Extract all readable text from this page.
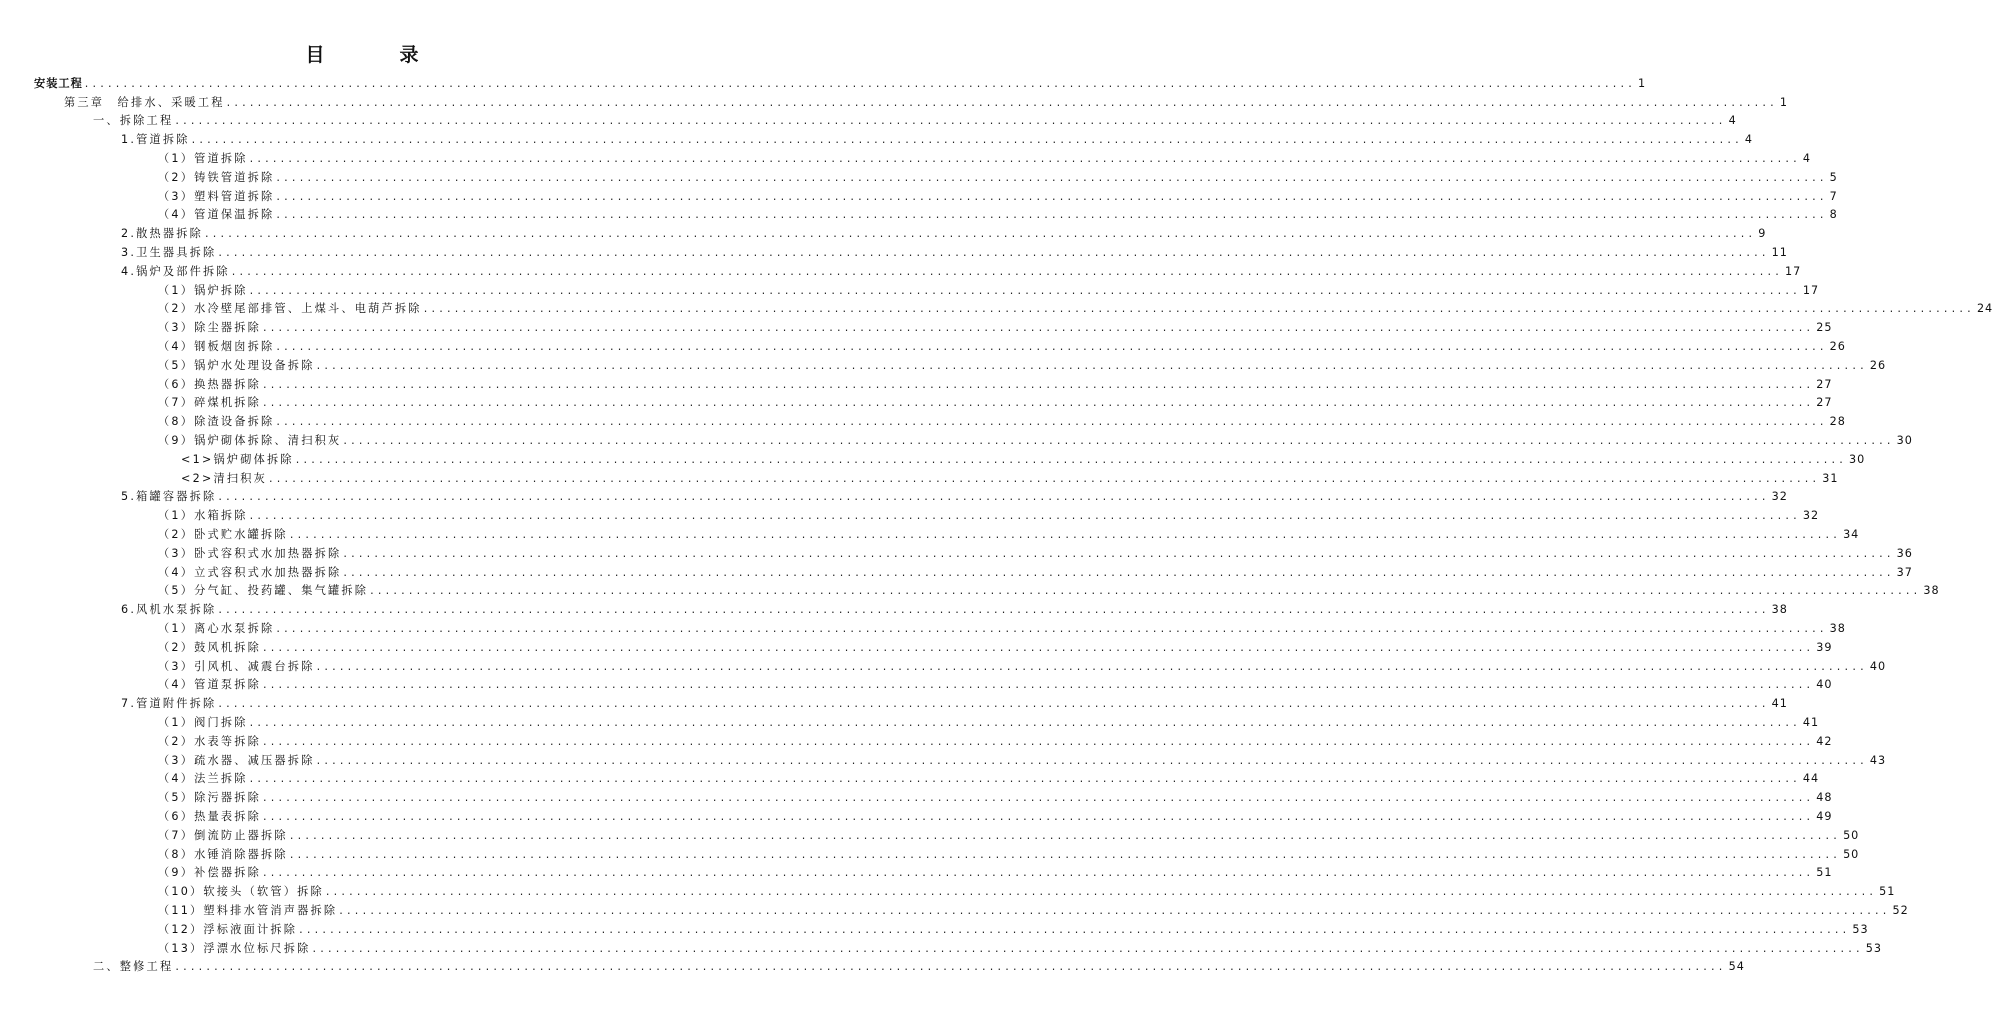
目　录
安装工程 ........................................................................................................................................................................................................ 1
第三章　给排水、采暖工程 ........................................................................................................................................................................................................ 1
一、拆除工程 ........................................................................................................................................................................................................ 4
1.管道拆除 ........................................................................................................................................................................................................ 4
（1）管道拆除 ........................................................................................................................................................................................................ 4
（2）铸铁管道拆除 ........................................................................................................................................................................................................ 5
（3）塑料管道拆除 ........................................................................................................................................................................................................ 7
（4）管道保温拆除 ........................................................................................................................................................................................................ 8
2.散热器拆除 ........................................................................................................................................................................................................ 9
3.卫生器具拆除 ........................................................................................................................................................................................................ 11
4.锅炉及部件拆除 ........................................................................................................................................................................................................ 17
（1）锅炉拆除 ........................................................................................................................................................................................................ 17
（2）水冷壁尾部排管、上煤斗、电葫芦拆除 ........................................................................................................................................................................................................ 24
（3）除尘器拆除 ........................................................................................................................................................................................................ 25
（4）钢板烟囱拆除 ........................................................................................................................................................................................................ 26
（5）锅炉水处理设备拆除 ........................................................................................................................................................................................................ 26
（6）换热器拆除 ........................................................................................................................................................................................................ 27
（7）碎煤机拆除 ........................................................................................................................................................................................................ 27
（8）除渣设备拆除 ........................................................................................................................................................................................................ 28
（9）锅炉砌体拆除、清扫积灰 ........................................................................................................................................................................................................ 30
<1>锅炉砌体拆除 ........................................................................................................................................................................................................ 30
<2>清扫积灰 ........................................................................................................................................................................................................ 31
5.箱罐容器拆除 ........................................................................................................................................................................................................ 32
（1）水箱拆除 ........................................................................................................................................................................................................ 32
（2）卧式贮水罐拆除 ........................................................................................................................................................................................................ 34
（3）卧式容积式水加热器拆除 ........................................................................................................................................................................................................ 36
（4）立式容积式水加热器拆除 ........................................................................................................................................................................................................ 37
（5）分气缸、投药罐、集气罐拆除 ........................................................................................................................................................................................................ 38
6.风机水泵拆除 ........................................................................................................................................................................................................ 38
（1）离心水泵拆除 ........................................................................................................................................................................................................ 38
（2）鼓风机拆除 ........................................................................................................................................................................................................ 39
（3）引风机、减震台拆除 ........................................................................................................................................................................................................ 40
（4）管道泵拆除 ........................................................................................................................................................................................................ 40
7.管道附件拆除 ........................................................................................................................................................................................................ 41
（1）阀门拆除 ........................................................................................................................................................................................................ 41
（2）水表等拆除 ........................................................................................................................................................................................................ 42
（3）疏水器、减压器拆除 ........................................................................................................................................................................................................ 43
（4）法兰拆除 ........................................................................................................................................................................................................ 44
（5）除污器拆除 ........................................................................................................................................................................................................ 48
（6）热量表拆除 ........................................................................................................................................................................................................ 49
（7）倒流防止器拆除 ........................................................................................................................................................................................................ 50
（8）水锤消除器拆除 ........................................................................................................................................................................................................ 50
（9）补偿器拆除 ........................................................................................................................................................................................................ 51
（10）软接头（软管）拆除 ........................................................................................................................................................................................................ 51
（11）塑料排水管消声器拆除 ........................................................................................................................................................................................................ 52
（12）浮标液面计拆除 ........................................................................................................................................................................................................ 53
（13）浮漂水位标尺拆除 ........................................................................................................................................................................................................ 53
二、整修工程 ........................................................................................................................................................................................................ 54
